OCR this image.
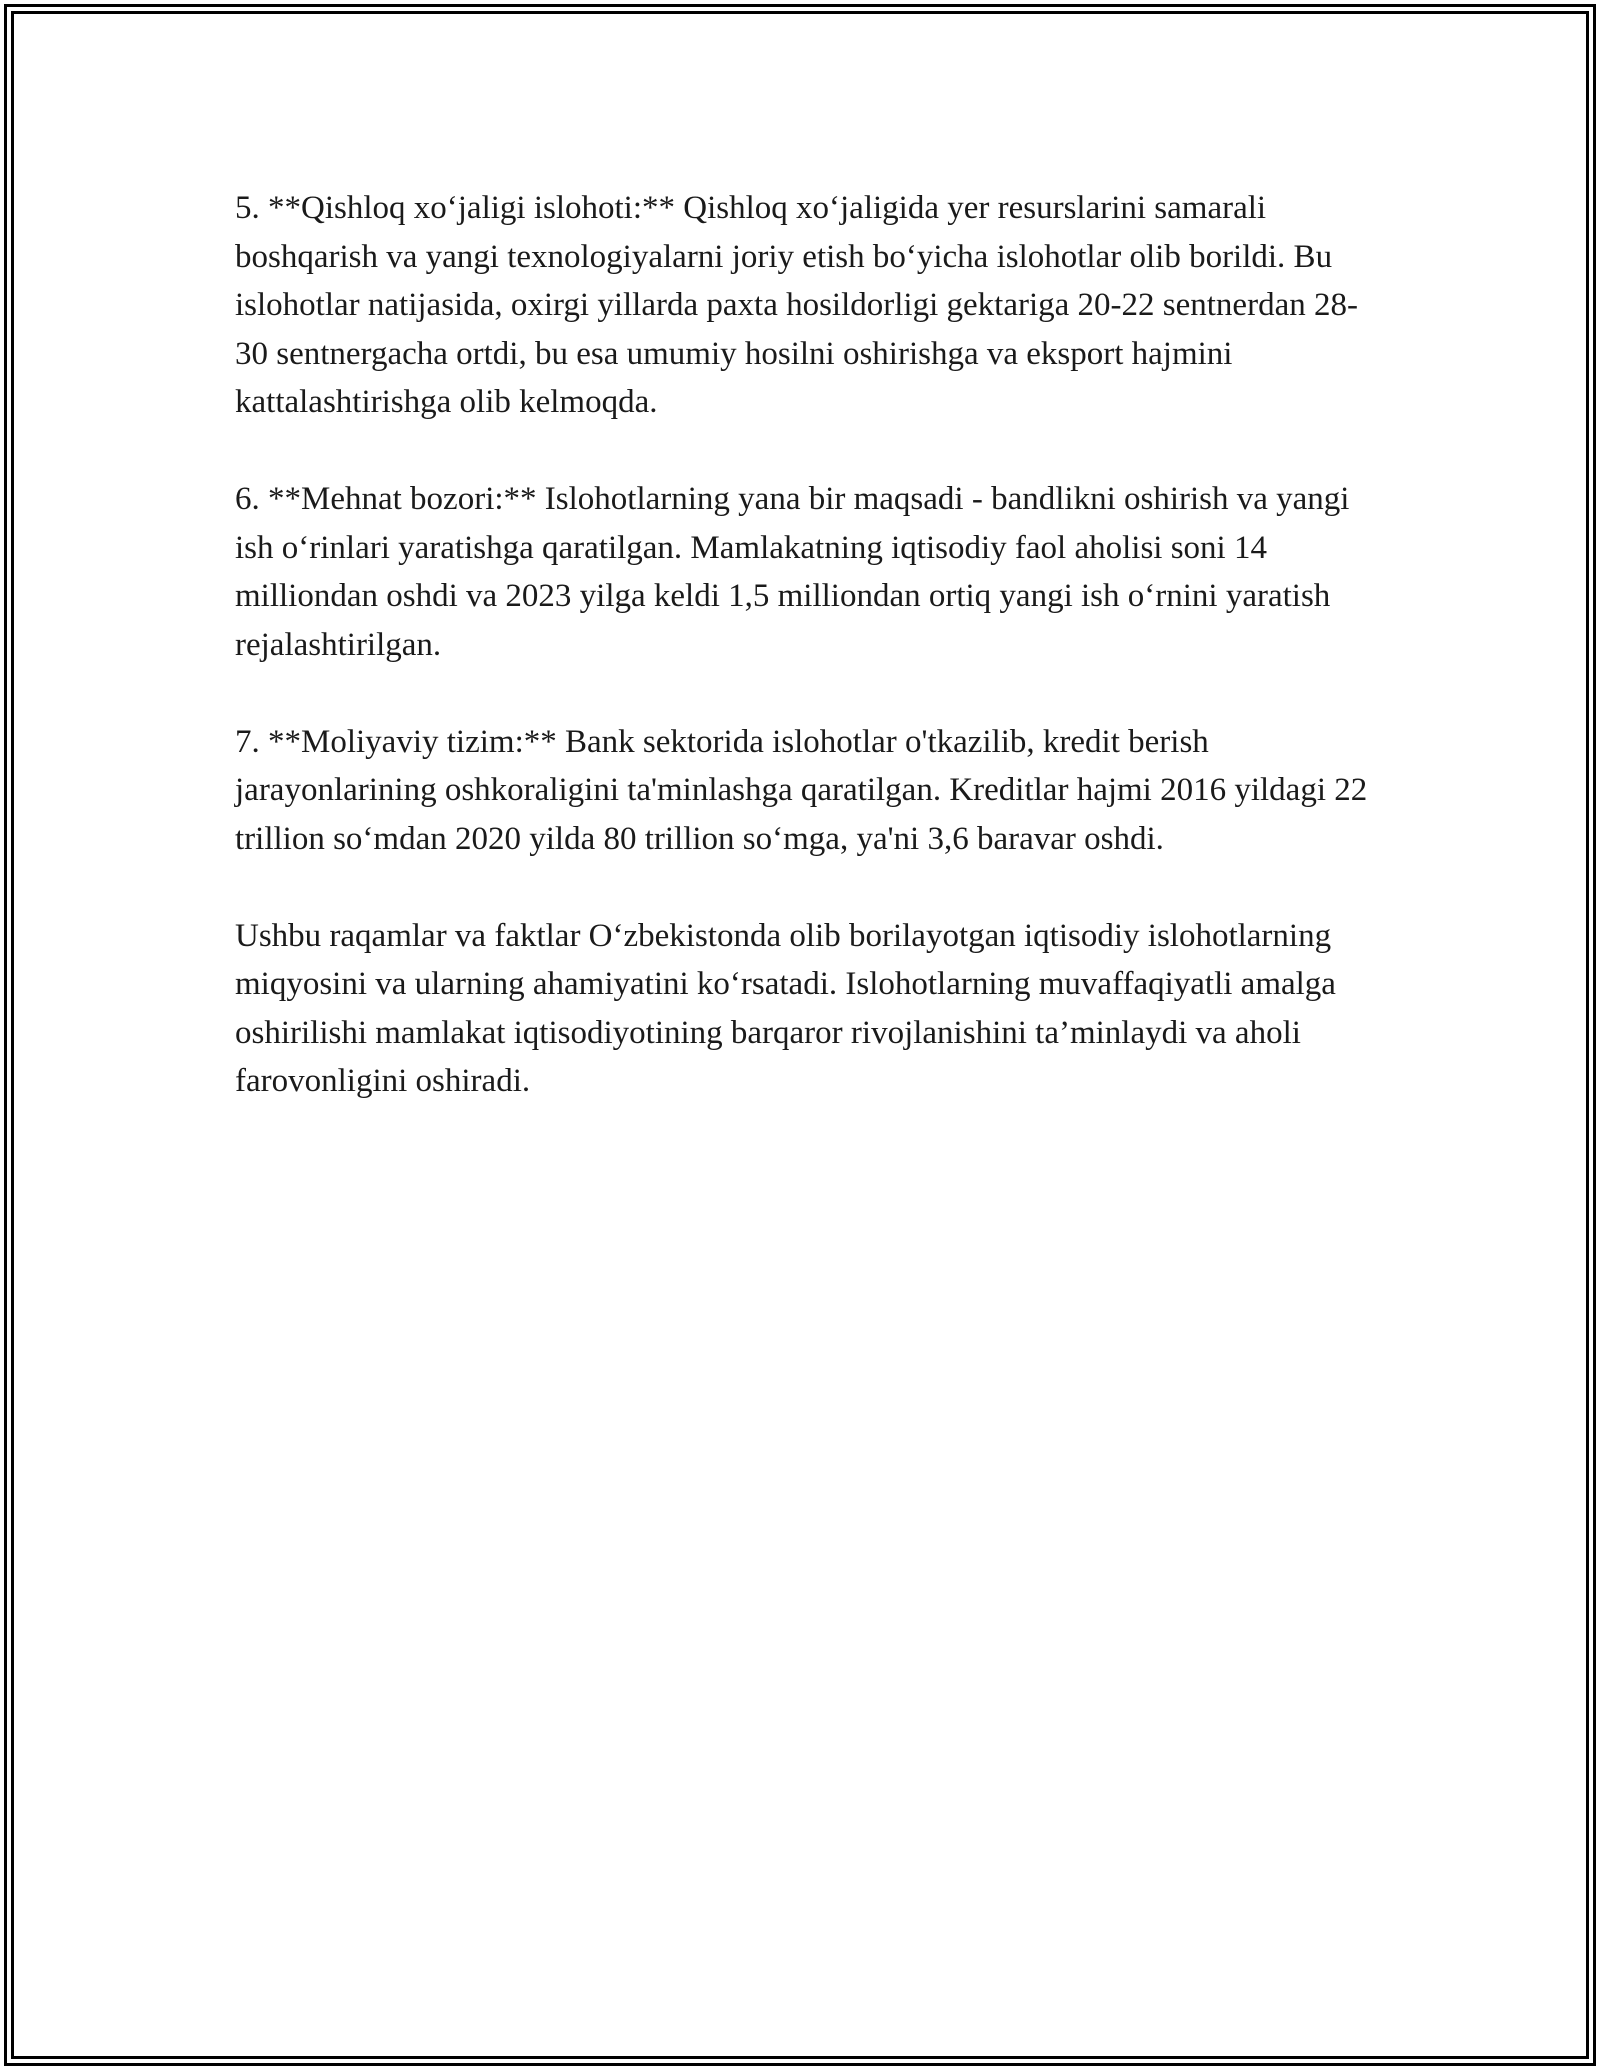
5. **Qishloq xo‘jaligi islohoti:** Qishloq xo‘jaligida yer resurslarini samarali boshqarish va yangi texnologiyalarni joriy etish bo‘yicha islohotlar olib borildi. Bu islohotlar natijasida, oxirgi yillarda paxta hosildorligi gektariga 20-22 sentnerdan 28-30 sentnergacha ortdi, bu esa umumiy hosilni oshirishga va eksport hajmini kattalashtirishga olib kelmoqda.

6. **Mehnat bozori:** Islohotlarning yana bir maqsadi - bandlikni oshirish va yangi ish o‘rinlari yaratishga qaratilgan. Mamlakatning iqtisodiy faol aholisi soni 14 milliondan oshdi va 2023 yilga keldi 1,5 milliondan ortiq yangi ish o‘rnini yaratish rejalashtirilgan.

7. **Moliyaviy tizim:** Bank sektorida islohotlar o'tkazilib, kredit berish jarayonlarining oshkoraligini ta'minlashga qaratilgan. Kreditlar hajmi 2016 yildagi 22 trillion so‘mdan 2020 yilda 80 trillion so‘mga, ya'ni 3,6 baravar oshdi.

Ushbu raqamlar va faktlar O‘zbekistonda olib borilayotgan iqtisodiy islohotlarning miqyosini va ularning ahamiyatini ko‘rsatadi. Islohotlarning muvaffaqiyatli amalga oshirilishi mamlakat iqtisodiyotining barqaror rivojlanishini ta’minlaydi va aholi farovonligini oshiradi.
